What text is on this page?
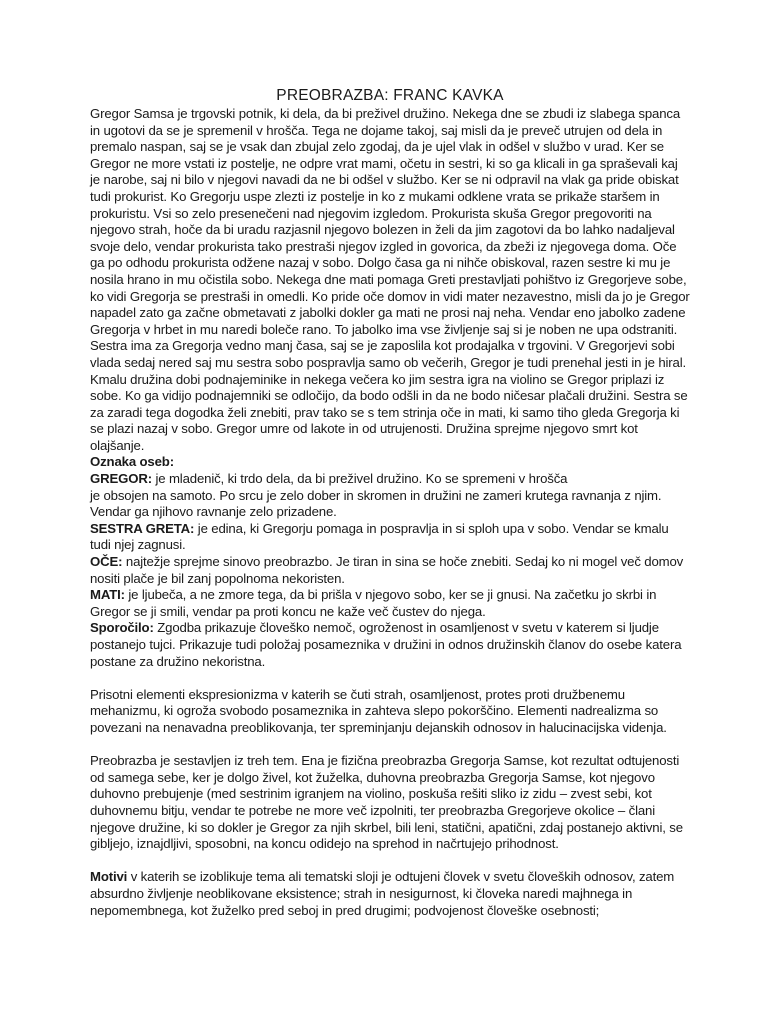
PREOBRAZBA: FRANC KAVKA

Gregor Samsa je trgovski potnik, ki dela, da bi preživel družino. Nekega dne se zbudi iz slabega spanca in ugotovi da se je spremenil v hrošča. Tega ne dojame takoj, saj misli da je preveč utrujen od dela in premalo naspan, saj se je vsak dan zbujal zelo zgodaj, da je ujel vlak in odšel v službo v urad. Ker se Gregor ne more vstati iz postelje, ne odpre vrat mami, očetu in sestri, ki so ga klicali in ga spraševali kaj je narobe, saj ni bilo v njegovi navadi da ne bi odšel v službo. Ker se ni odpravil na vlak ga pride obiskat tudi prokurist. Ko Gregorju uspe zlezti iz postelje in ko z mukami odklene vrata se prikaže staršem in prokuristu. Vsi so zelo presenečeni nad njegovim izgledom. Prokurista skuša Gregor pregovoriti na njegovo strah, hoče da bi uradu razjasnil njegovo bolezen in želi da jim zagotovi da bo lahko nadaljeval svoje delo, vendar prokurista tako prestraši njegov izgled in govorica, da zbeži iz njegovega doma. Oče ga po odhodu prokurista odžene nazaj v sobo. Dolgo časa ga ni nihče obiskoval, razen sestre ki mu je nosila hrano in mu očistila sobo. Nekega dne mati pomaga Greti prestavljati pohištvo iz Gregorjeve sobe, ko vidi Gregorja se prestraši in omedli. Ko pride oče domov in vidi mater nezavestno, misli da jo je Gregor napadel zato ga začne obmetavati z jabolki dokler ga mati ne prosi naj neha. Vendar eno jabolko zadene Gregorja v hrbet in mu naredi boleče rano. To jabolko ima vse življenje saj si je noben ne upa odstraniti. Sestra ima za Gregorja vedno manj časa, saj se je zaposlila kot prodajalka v trgovini. V Gregorjevi sobi vlada sedaj nered saj mu sestra sobo pospravlja samo ob večerih, Gregor je tudi prenehal jesti in je hiral. Kmalu družina dobi podnajeminike in nekega večera ko jim sestra igra na violino se Gregor priplazi iz sobe. Ko ga vidijo podnajemniki se odločijo, da bodo odšli in da ne bodo ničesar plačali družini. Sestra se za zaradi tega dogodka želi znebiti, prav tako se s tem strinja oče in mati, ki samo tiho gleda Gregorja ki se plazi nazaj v sobo. Gregor umre od lakote in od utrujenosti. Družina sprejme njegovo smrt kot olajšanje.

Oznaka oseb:

GREGOR: je mladenič, ki trdo dela, da bi preživel družino. Ko se spremeni v hrošča

je obsojen na samoto. Po srcu je zelo dober in skromen in družini ne zameri krutega ravnanja z njim. Vendar ga njihovo ravnanje zelo prizadene.

SESTRA GRETA: je edina, ki Gregorju pomaga in pospravlja in si sploh upa v sobo. Vendar se kmalu tudi njej zagnusi.

OČE: najtežje sprejme sinovo preobrazbo. Je tiran in sina se hoče znebiti. Sedaj ko ni mogel več domov nositi plače je bil zanj popolnoma nekoristen.

MATI: je ljubeča, a ne zmore tega, da bi prišla v njegovo sobo, ker se ji gnusi. Na začetku jo skrbi in Gregor se ji smili, vendar pa proti koncu ne kaže več čustev do njega.

Sporočilo: Zgodba prikazuje človeško nemoč, ogroženost in osamljenost v svetu v katerem si ljudje postanejo tujci. Prikazuje tudi položaj posameznika v družini in odnos družinskih članov do osebe katera postane za družino nekoristna.

Prisotni elementi ekspresionizma v katerih se čuti strah, osamljenost, protes proti družbenemu mehanizmu, ki ogroža svobodo posameznika in zahteva slepo pokorščino. Elementi nadrealizma so povezani na nenavadna preoblikovanja, ter spreminjanju dejanskih odnosov in halucinacijska videnja.

Preobrazba je sestavljen iz treh tem. Ena je fizična preobrazba Gregorja Samse, kot rezultat odtujenosti od samega sebe, ker je dolgo živel, kot žuželka, duhovna preobrazba Gregorja Samse, kot njegovo duhovno prebujenje (med sestrinim igranjem na violino, poskuša rešiti sliko iz zidu – zvest sebi, kot duhovnemu bitju, vendar te potrebe ne more več izpolniti, ter preobrazba Gregorjeve okolice – člani njegove družine, ki so dokler je Gregor za njih skrbel, bili leni, statični, apatični, zdaj postanejo aktivni, se gibljejo, iznajdljivi, sposobni, na koncu odidejo na sprehod in načrtujejo prihodnost.

Motivi v katerih se izoblikuje tema ali tematski sloji je odtujeni človek v svetu človeških odnosov, zatem absurdno življenje neoblikovane eksistence; strah in nesigurnost, ki človeka naredi majhnega in nepomembnega, kot žuželko pred seboj in pred drugimi; podvojenost človeške osebnosti;
